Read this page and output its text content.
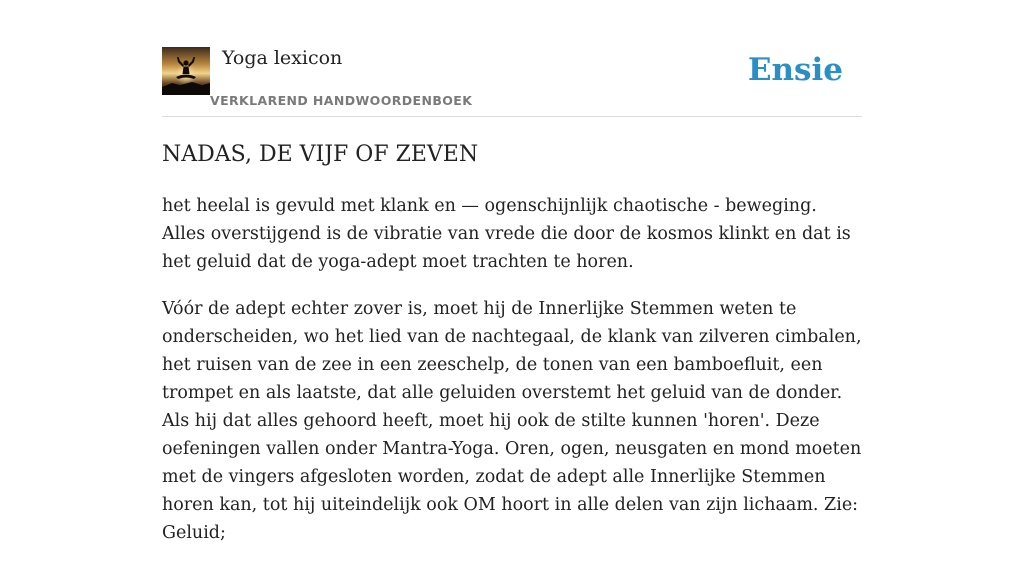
Yoga lexicon
VERKLAREND HANDWOORDENBOEK
Ensie
NADAS, DE VIJF OF ZEVEN

het heelal is gevuld met klank en — ogenschijnlijk chaotische - beweging. Alles overstijgend is de vibratie van vrede die door de kosmos klinkt en dat is het geluid dat de yoga-adept moet trachten te horen.

Vóór de adept echter zover is, moet hij de Innerlijke Stemmen weten te onderscheiden, wo het lied van de nachtegaal, de klank van zilveren cimbalen, het ruisen van de zee in een zeeschelp, de tonen van een bamboefluit, een trompet en als laatste, dat alle geluiden overstemt het geluid van de donder. Als hij dat alles gehoord heeft, moet hij ook de stilte kunnen 'horen'. Deze oefeningen vallen onder Mantra-Yoga. Oren, ogen, neusgaten en mond moeten met de vingers afgesloten worden, zodat de adept alle Innerlijke Stemmen horen kan, tot hij uiteindelijk ook OM hoort in alle delen van zijn lichaam. Zie: Geluid;
